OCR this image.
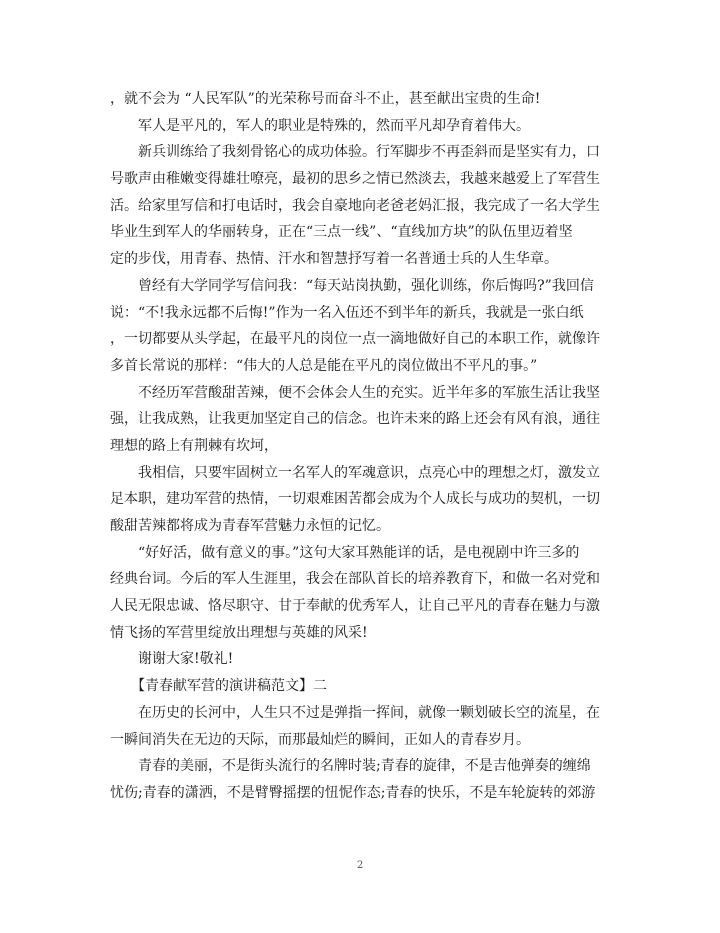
，就不会为 “人民军队”的光荣称号而奋斗不止，甚至献出宝贵的生命!
　　军人是平凡的，军人的职业是特殊的，然而平凡却孕育着伟大。
　　新兵训练给了我刻骨铭心的成功体验。行军脚步不再歪斜而是坚实有力，口
号歌声由稚嫩变得雄壮嘹亮，最初的思乡之情已然淡去，我越来越爱上了军营生
活。给家里写信和打电话时，我会自豪地向老爸老妈汇报，我完成了一名大学生
毕业生到军人的华丽转身，正在“三点一线”、“直线加方块”的队伍里迈着坚
定的步伐，用青春、热情、汗水和智慧抒写着一名普通士兵的人生华章。
　　曾经有大学同学写信问我：“每天站岗执勤，强化训练，你后悔吗?”我回信
说：“不!我永远都不后悔!”作为一名入伍还不到半年的新兵，我就是一张白纸
，一切都要从头学起，在最平凡的岗位一点一滴地做好自己的本职工作，就像许
多首长常说的那样：“伟大的人总是能在平凡的岗位做出不平凡的事。”
　　不经历军营酸甜苦辣，便不会体会人生的充实。近半年多的军旅生活让我坚
强，让我成熟，让我更加坚定自己的信念。也许未来的路上还会有风有浪，通往
理想的路上有荆棘有坎坷，
　　我相信，只要牢固树立一名军人的军魂意识，点亮心中的理想之灯，激发立
足本职，建功军营的热情，一切艰难困苦都会成为个人成长与成功的契机，一切
酸甜苦辣都将成为青春军营魅力永恒的记忆。
　　“好好活，做有意义的事。”这句大家耳熟能详的话，是电视剧中许三多的
经典台词。今后的军人生涯里，我会在部队首长的培养教育下，和做一名对党和
人民无限忠诚、恪尽职守、甘于奉献的优秀军人，让自己平凡的青春在魅力与激
情飞扬的军营里绽放出理想与英雄的风采!
　　谢谢大家!敬礼!
　　【青春献军营的演讲稿范文】二
　　在历史的长河中，人生只不过是弹指一挥间，就像一颗划破长空的流星，在
一瞬间消失在无边的天际，而那最灿烂的瞬间，正如人的青春岁月。
　　青春的美丽，不是街头流行的名牌时装;青春的旋律，不是吉他弹奏的缠绵
忧伤;青春的潇洒，不是臂臀摇摆的忸怩作态;青春的快乐，不是车轮旋转的郊游
2
